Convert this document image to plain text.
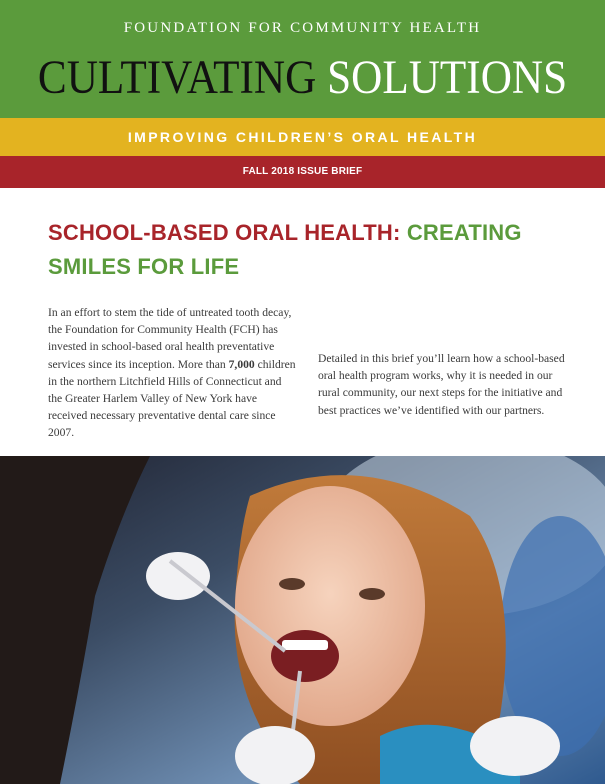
FOUNDATION FOR COMMUNITY HEALTH
CULTIVATING SOLUTIONS
IMPROVING CHILDREN’S ORAL HEALTH
FALL 2018 ISSUE BRIEF
SCHOOL-BASED ORAL HEALTH: CREATING SMILES FOR LIFE

In an effort to stem the tide of untreated tooth decay, the Foundation for Community Health (FCH) has invested in school-based oral health preventative services since its inception. More than 7,000 children in the northern Litchfield Hills of Connecticut and the Greater Harlem Valley of New York have received necessary preventative dental care since 2007.

Detailed in this brief you’ll learn how a school-based oral health program works, why it is needed in our rural community, our next steps for the initiative and best practices we’ve identified with our partners.
